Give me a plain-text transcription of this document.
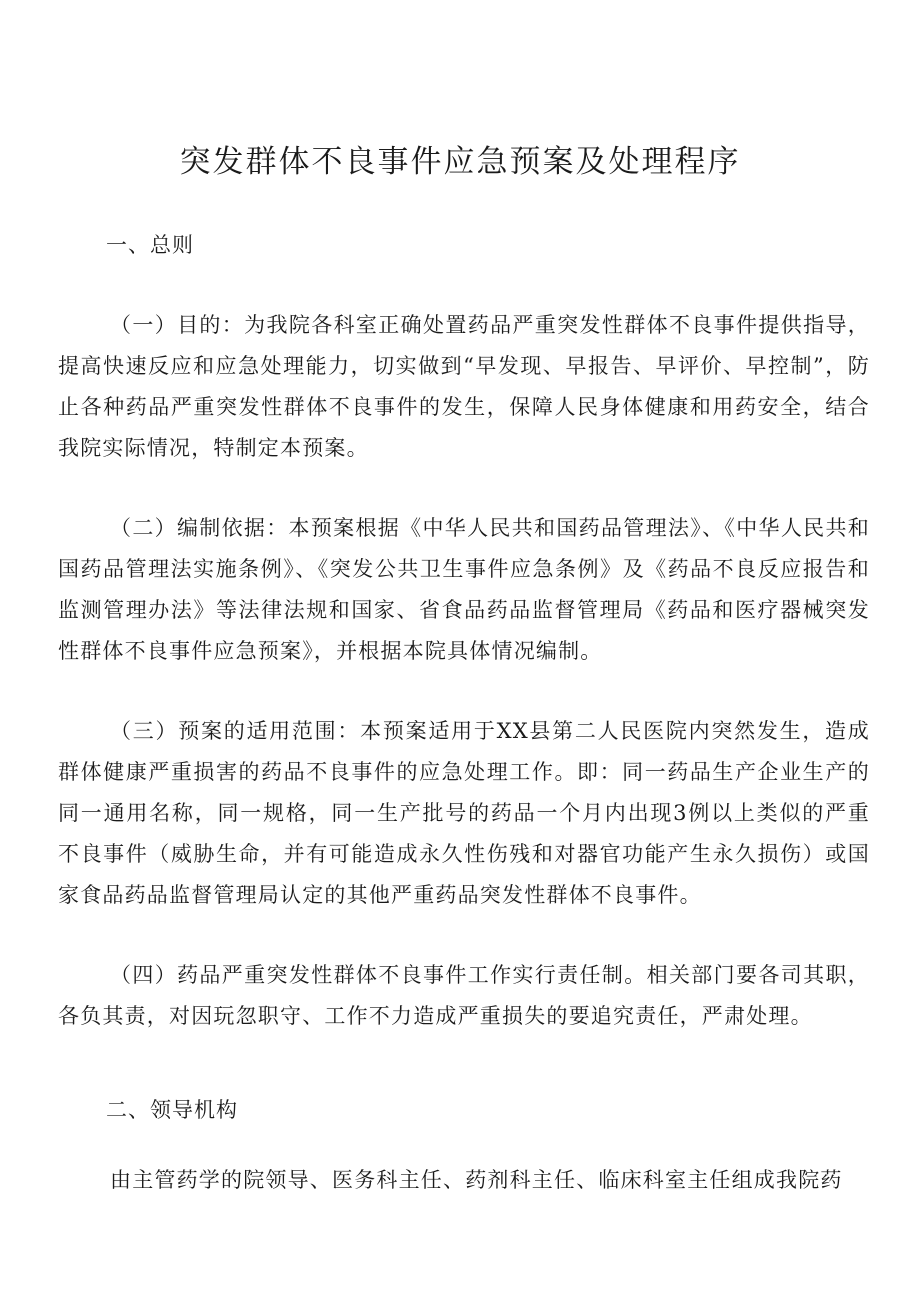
突发群体不良事件应急预案及处理程序
一、总则

（一）目的：为我院各科室正确处置药品严重突发性群体不良事件提供指导，提高快速反应和应急处理能力，切实做到“早发现、早报告、早评价、早控制”，防止各种药品严重突发性群体不良事件的发生，保障人民身体健康和用药安全，结合我院实际情况，特制定本预案。

（二）编制依据：本预案根据《中华人民共和国药品管理法》、《中华人民共和国药品管理法实施条例》、《突发公共卫生事件应急条例》及《药品不良反应报告和监测管理办法》等法律法规和国家、省食品药品监督管理局《药品和医疗器械突发性群体不良事件应急预案》，并根据本院具体情况编制。

（三）预案的适用范围：本预案适用于XX县第二人民医院内突然发生，造成群体健康严重损害的药品不良事件的应急处理工作。即：同一药品生产企业生产的同一通用名称，同一规格，同一生产批号的药品一个月内出现3例以上类似的严重不良事件（威胁生命，并有可能造成永久性伤残和对器官功能产生永久损伤）或国家食品药品监督管理局认定的其他严重药品突发性群体不良事件。

（四）药品严重突发性群体不良事件工作实行责任制。相关部门要各司其职，各负其责，对因玩忽职守、工作不力造成严重损失的要追究责任，严肃处理。

二、领导机构

由主管药学的院领导、医务科主任、药剂科主任、临床科室主任组成我院药
